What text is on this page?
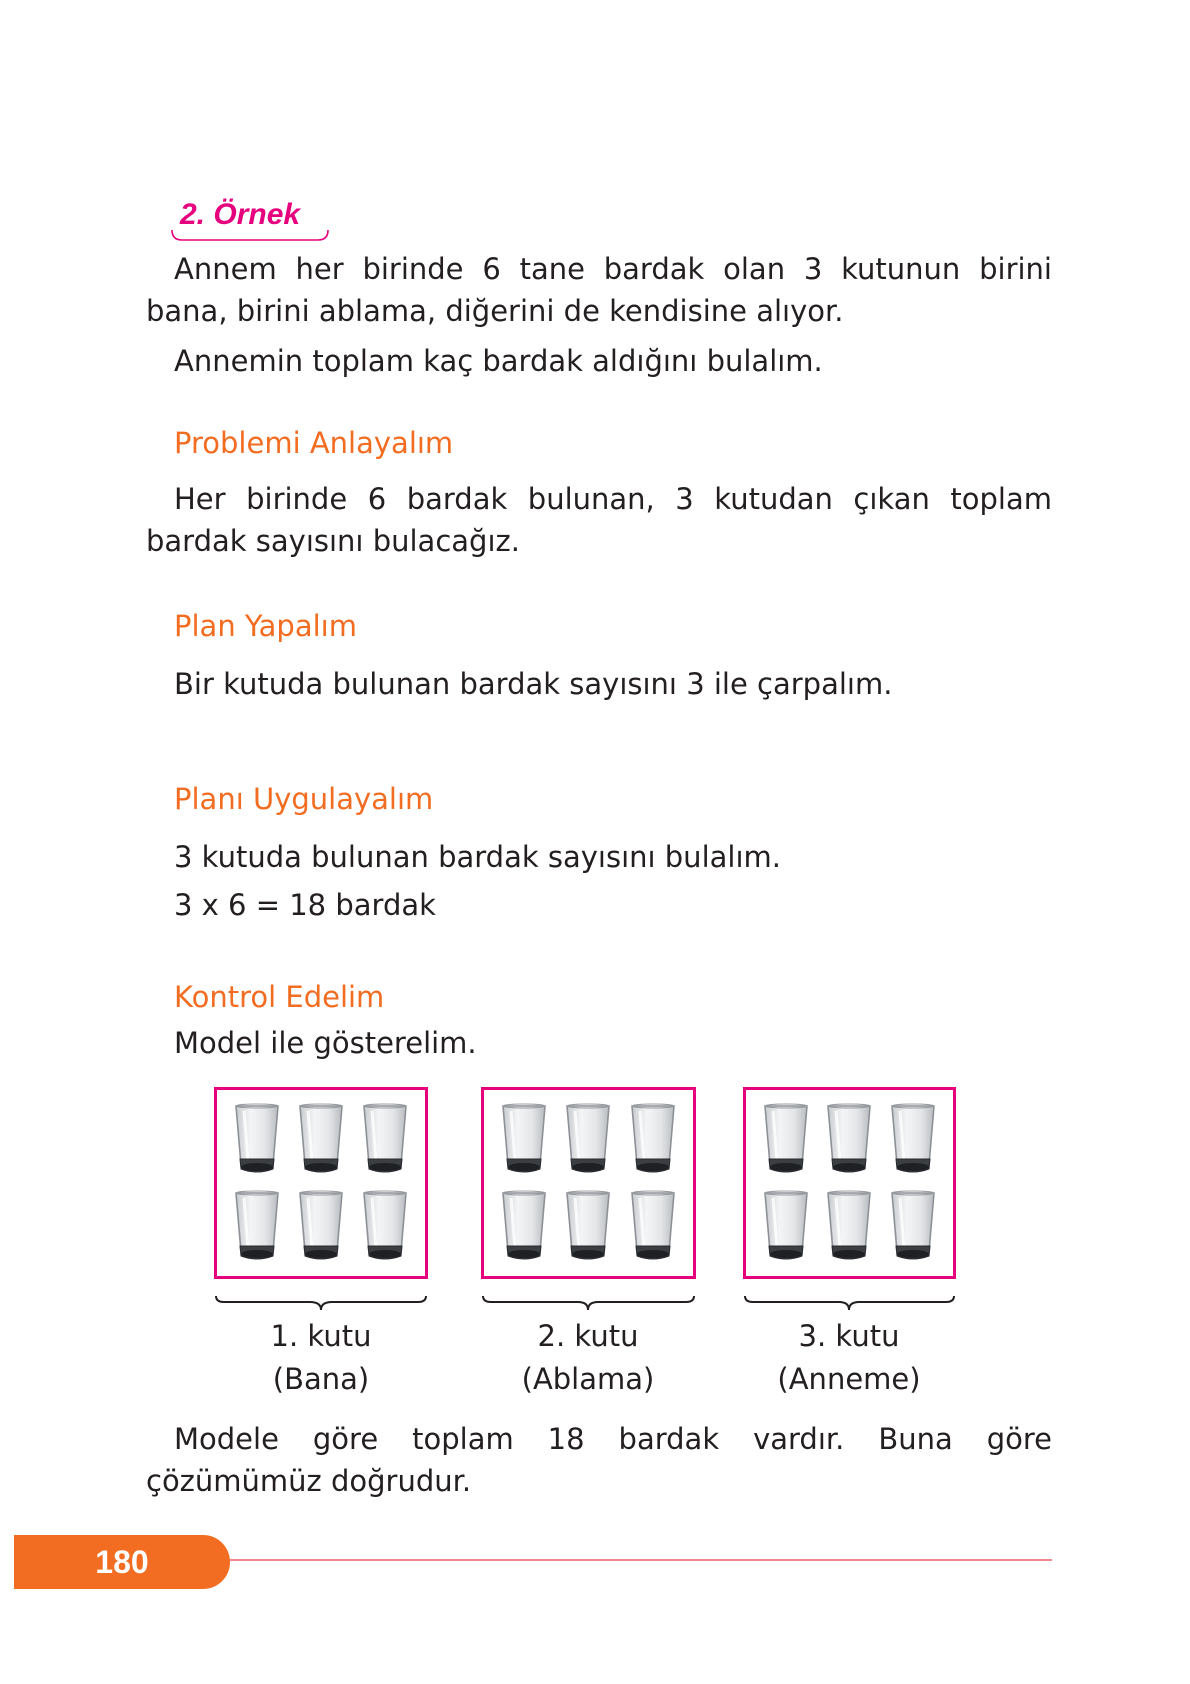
2. Örnek
Annem her birinde 6 tane bardak olan 3 kutunun birini bana, birini ablama, diğerini de kendisine alıyor.
Annemin toplam kaç bardak aldığını bulalım.
Problemi Anlayalım
Her birinde 6 bardak bulunan, 3 kutudan çıkan toplam bardak sayısını bulacağız.
Plan Yapalım
Bir kutuda bulunan bardak sayısını 3 ile çarpalım.
Planı Uygulayalım
3 kutuda bulunan bardak sayısını bulalım.
3 x 6 = 18 bardak
Kontrol Edelim
Model ile gösterelim.
1. kutu
(Bana)
2. kutu
(Ablama)
3. kutu
(Anneme)
Modele göre toplam 18 bardak vardır. Buna göre çözümümüz doğrudur.
180
